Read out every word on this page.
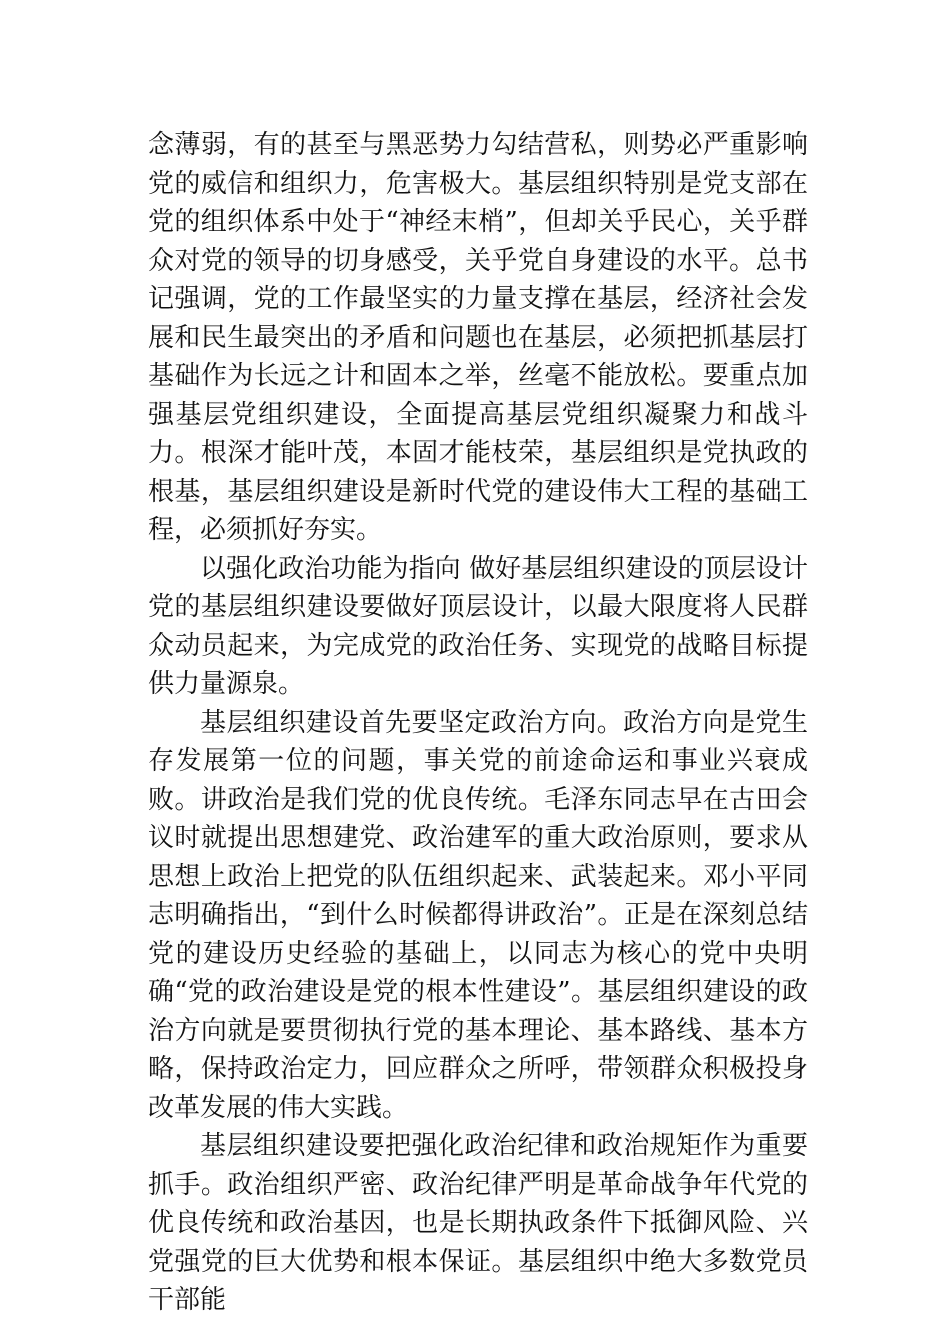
念薄弱，有的甚至与黑恶势力勾结营私，则势必严重影响党的威信和组织力，危害极大。基层组织特别是党支部在党的组织体系中处于“神经末梢”，但却关乎民心，关乎群众对党的领导的切身感受，关乎党自身建设的水平。总书记强调，党的工作最坚实的力量支撑在基层，经济社会发展和民生最突出的矛盾和问题也在基层，必须把抓基层打基础作为长远之计和固本之举，丝毫不能放松。要重点加强基层党组织建设，全面提高基层党组织凝聚力和战斗力。根深才能叶茂，本固才能枝荣，基层组织是党执政的根基，基层组织建设是新时代党的建设伟大工程的基础工程，必须抓好夯实。

以强化政治功能为指向 做好基层组织建设的顶层设计党的基层组织建设要做好顶层设计，以最大限度将人民群众动员起来，为完成党的政治任务、实现党的战略目标提供力量源泉。

基层组织建设首先要坚定政治方向。政治方向是党生存发展第一位的问题，事关党的前途命运和事业兴衰成败。讲政治是我们党的优良传统。毛泽东同志早在古田会议时就提出思想建党、政治建军的重大政治原则，要求从思想上政治上把党的队伍组织起来、武装起来。邓小平同志明确指出，“到什么时候都得讲政治”。正是在深刻总结党的建设历史经验的基础上，以同志为核心的党中央明确“党的政治建设是党的根本性建设”。基层组织建设的政治方向就是要贯彻执行党的基本理论、基本路线、基本方略，保持政治定力，回应群众之所呼，带领群众积极投身改革发展的伟大实践。

基层组织建设要把强化政治纪律和政治规矩作为重要抓手。政治组织严密、政治纪律严明是革命战争年代党的优良传统和政治基因，也是长期执政条件下抵御风险、兴党强党的巨大优势和根本保证。基层组织中绝大多数党员干部能
